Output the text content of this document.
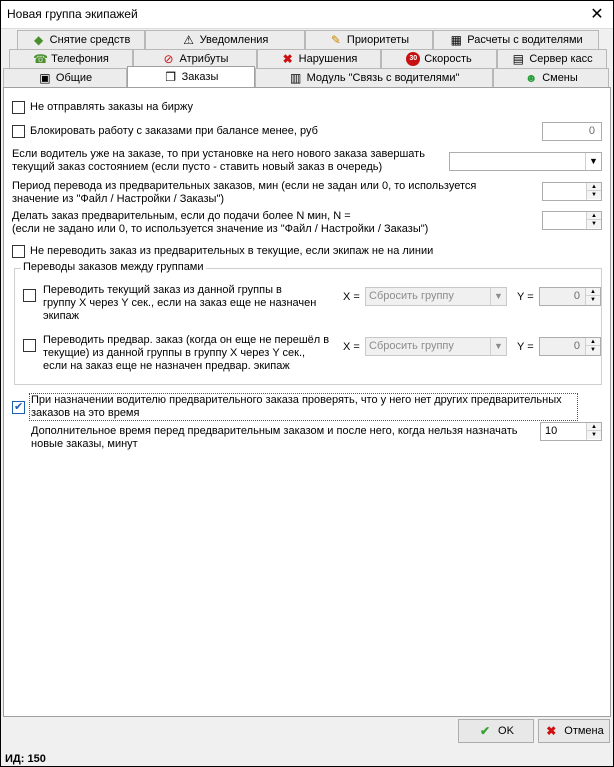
Новая группа экипажей	✕
◆ Снятие средств	⚠ Уведомления	✎ Приоритеты	▦ Расчеты с водителями
☎ Телефония	⊘ Атрибуты	✖ Нарушения	30 Скорость	▤ Сервер касс
▣ Общие	❐ Заказы	▥ Модуль "Связь с водителями"	☻ Смены
Не отправлять заказы на биржу
Блокировать работу с заказами при балансе менее, руб	0
Если водитель уже на заказе, то при установке на него нового заказа завершать
текущий заказ состоянием (если пусто - ставить новый заказ в очередь)	▼
Период перевода из предварительных заказов, мин (если не задан или 0, то используется
значение из "Файл / Настройки / Заказы")
▲
▼
Делать заказ предварительным, если до подачи более N мин, N =
(если не задано или 0, то используется значение из "Файл / Настройки / Заказы")
▲
▼
Не переводить заказ из предварительных в текущие, если экипаж не на линии
Переводы заказов между группами
Переводить текущий заказ из данной группы в
группу X через Y сек., если на заказ еще не назначен
экипаж
X = Сбросить группу	▼ Y =	0	▲
▼
Переводить предвар. заказ (когда он еще не перешёл в
текущие) из данной группы в группу X через Y сек.,
если на заказ еще не назначен предвар. экипаж
X = Сбросить группу	▼ Y =	0	▲
▼
✔
При назначении водителю предварительного заказа проверять, что у него нет других предварительных
заказов на это время
Дополнительное время перед предварительным заказом и после него, когда нельзя назначать
новые заказы, минут
10	▲
▼
✔ OK	✖ Отмена
ИД: 150
